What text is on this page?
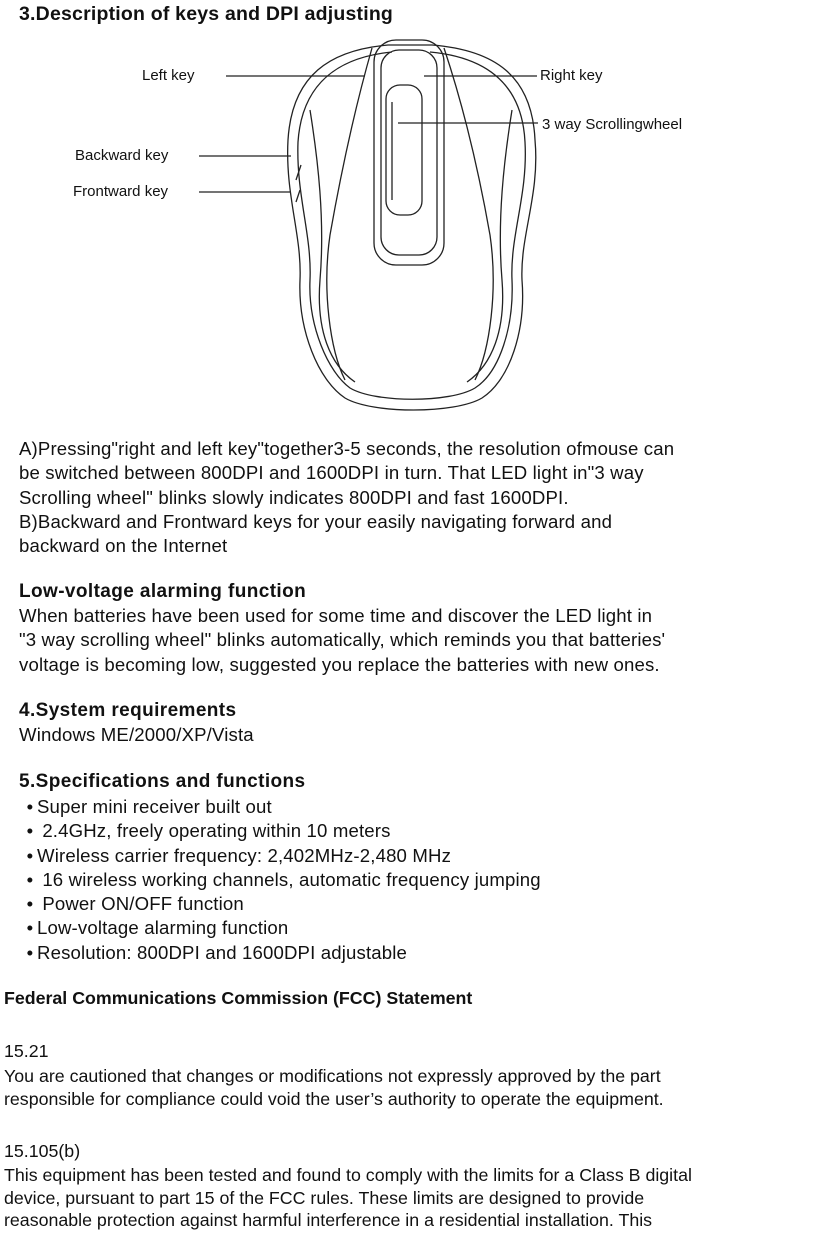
3.Description of keys and DPI adjusting
Left key	Right key
3 way Scrollingwheel
Backward key
Frontward key
A)Pressing"right and left key"together3-5 seconds, the resolution ofmouse can
be switched between 800DPI and 1600DPI in turn. That LED light in"3 way
Scrolling wheel" blinks slowly indicates 800DPI and fast 1600DPI.
B)Backward and Frontward keys for your easily navigating forward and
backward on the Internet
Low-voltage alarming function
When batteries have been used for some time and discover the LED light in
"3 way scrolling wheel" blinks automatically, which reminds you that batteries'
voltage is becoming low, suggested you replace the batteries with new ones.
4.System requirements
Windows ME/2000/XP/Vista
5.Specifications and functions
• Super mini receiver built out
• 2.4GHz, freely operating within 10 meters
• Wireless carrier frequency: 2,402MHz-2,480 MHz
• 16 wireless working channels, automatic frequency jumping
• Power ON/OFF function
• Low-voltage alarming function
• Resolution: 800DPI and 1600DPI adjustable
Federal Communications Commission (FCC) Statement
15.21
You are cautioned that changes or modifications not expressly approved by the part
responsible for compliance could void the user’s authority to operate the equipment.
15.105(b)
This equipment has been tested and found to comply with the limits for a Class B digital
device, pursuant to part 15 of the FCC rules. These limits are designed to provide
reasonable protection against harmful interference in a residential installation. This
